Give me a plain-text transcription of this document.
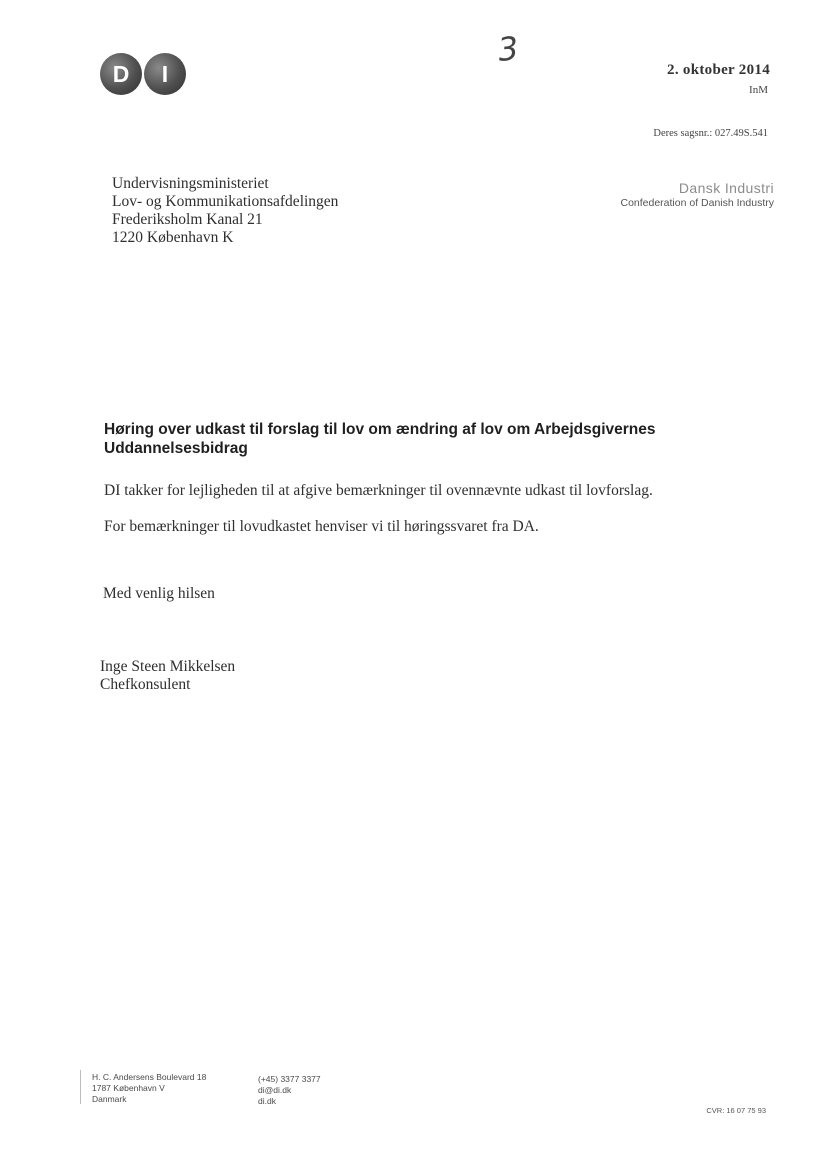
D	I
3
2. oktober 2014
InM
Deres sagsnr.: 027.49S.541
Undervisningsministeriet
Lov- og Kommunikationsafdelingen
Frederiksholm Kanal 21
1220 København K
Dansk Industri
Confederation of Danish Industry
Høring over udkast til forslag til lov om ændring af lov om Arbejdsgivernes Uddannelsesbidrag
DI takker for lejligheden til at afgive bemærkninger til ovennævnte udkast til lovforslag.
For bemærkninger til lovudkastet henviser vi til høringssvaret fra DA.
Med venlig hilsen
Inge Steen Mikkelsen
Chefkonsulent
H. C. Andersens Boulevard 18
1787 København V
Danmark
(+45) 3377 3377
di@di.dk
di.dk
CVR: 16 07 75 93
